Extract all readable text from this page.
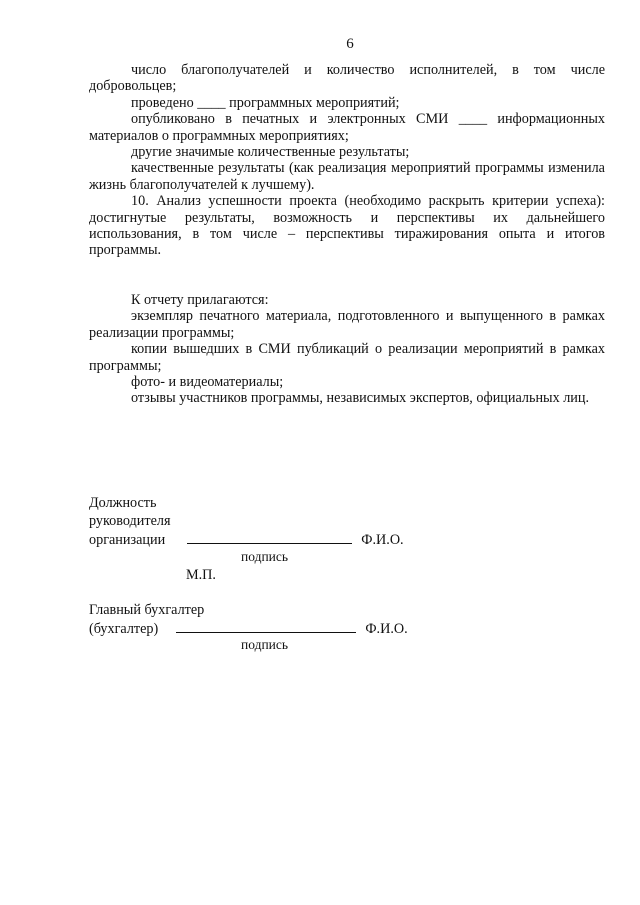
6

число благополучателей и количество исполнителей, в том числе добровольцев;

проведено ____ программных мероприятий;

опубликовано в печатных и электронных СМИ ____ информационных материалов о программных мероприятиях;

другие значимые количественные результаты;

качественные результаты (как реализация мероприятий программы изменила жизнь благополучателей к лучшему).

10. Анализ успешности проекта (необходимо раскрыть критерии успеха): достигнутые результаты, возможность и перспективы их дальнейшего использования, в том числе – перспективы тиражирования опыта и итогов программы.

К отчету прилагаются:

экземпляр печатного материала, подготовленного и выпущенного в рамках реализации программы;

копии вышедших в СМИ публикаций о реализации мероприятий в рамках программы;

фото- и видеоматериалы;

отзывы участников программы, независимых экспертов, официальных лиц.

Должность
руководителя
организации	Ф.И.О.
подпись
М.П.
Главный бухгалтер
(бухгалтер)	Ф.И.О.
подпись
